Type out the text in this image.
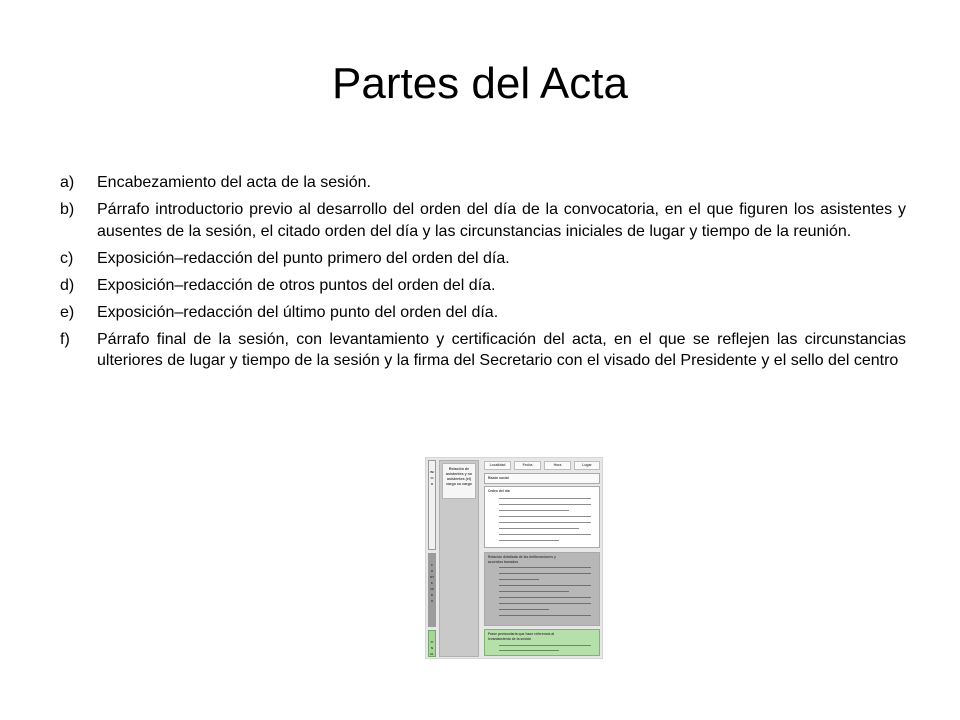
Partes del Acta
a) Encabezamiento del acta de la sesión.
b) Párrafo introductorio previo al desarrollo del orden del día de la convocatoria, en el que figuren los asistentes y ausentes de la sesión, el citado orden del día y las circunstancias iniciales de lugar y tiempo de la reunión.
c) Exposición–redacción del punto primero del orden del día.
d) Exposición–redacción de otros puntos del orden del día.
e) Exposición–redacción del último punto del orden del día.
f) Párrafo final de la sesión, con levantamiento y certificación del acta, en el que se reflejen las circunstancias ulteriores de lugar y tiempo de la sesión y la firma del Secretario con el visado del Presidente y el sello del centro
INICIO
CONTENIDO
FINAL
Relación de asistentes y no asistentes (el) cargo su cargo
Localidad	Fecha	Hora	Lugar
Razón social
Orden del día
Relación detallada de las deliberaciones y acuerdos tomados
Frase protocolaria que hace referencia al levantamiento de la sesión
